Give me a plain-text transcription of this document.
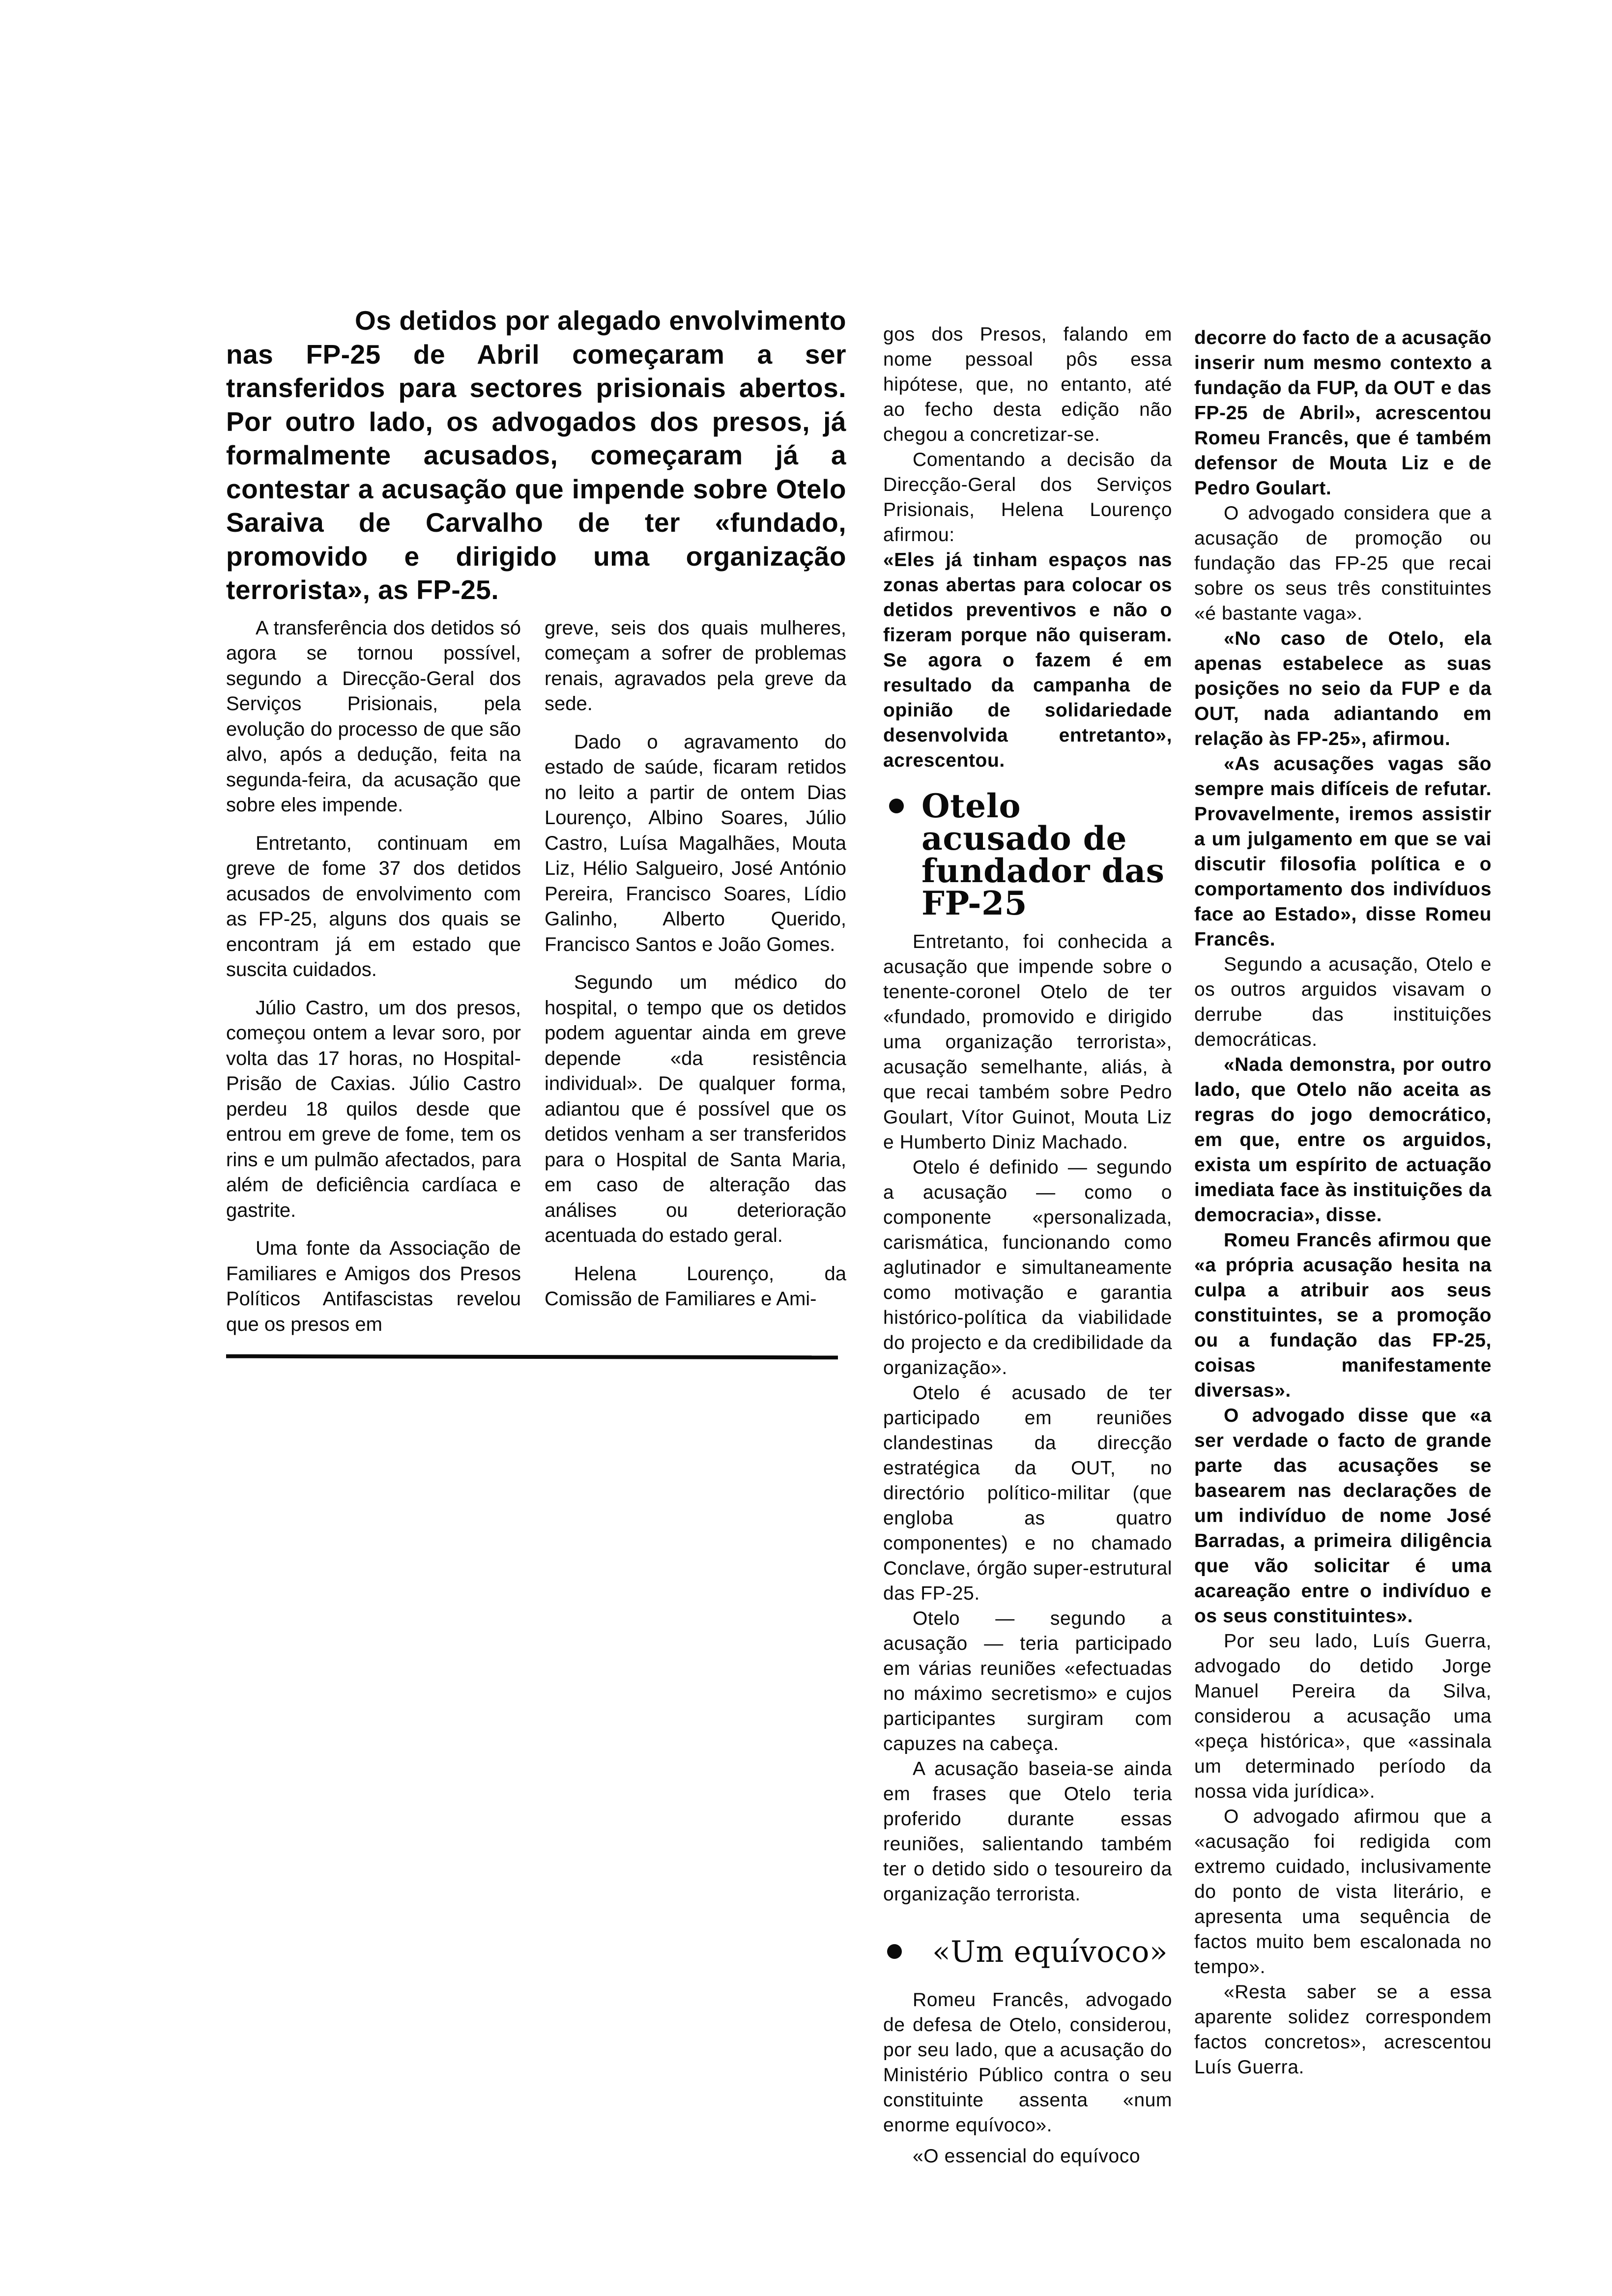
Os detidos por alegado envolvimento nas FP-25 de Abril começaram a ser transferidos para sectores prisionais abertos. Por outro lado, os advogados dos presos, já formalmente acusados, começaram já a contestar a acusação que impende sobre Otelo Saraiva de Carvalho de ter «fundado, promovido e dirigido uma organização terrorista», as FP-25.

A transferência dos detidos só agora se tornou possível, segundo a Direcção-Geral dos Serviços Prisionais, pela evolução do processo de que são alvo, após a dedução, feita na segunda-feira, da acusação que sobre eles impende.

Entretanto, continuam em greve de fome 37 dos detidos acusados de envolvimento com as FP-25, alguns dos quais se encontram já em estado que suscita cuidados.

Júlio Castro, um dos presos, começou ontem a levar soro, por volta das 17 horas, no Hospital-Prisão de Caxias. Júlio Castro perdeu 18 quilos desde que entrou em greve de fome, tem os rins e um pulmão afectados, para além de deficiência cardíaca e gastrite.

Uma fonte da Associação de Familiares e Amigos dos Presos Políticos Antifascistas revelou que os presos em

greve, seis dos quais mulheres, começam a sofrer de problemas renais, agravados pela greve da sede.

Dado o agravamento do estado de saúde, ficaram retidos no leito a partir de ontem Dias Lourenço, Albino Soares, Júlio Castro, Luísa Magalhães, Mouta Liz, Hélio Salgueiro, José António Pereira, Francisco Soares, Lídio Galinho, Alberto Querido, Francisco Santos e João Gomes.

Segundo um médico do hospital, o tempo que os detidos podem aguentar ainda em greve depende «da resistência individual». De qualquer forma, adiantou que é possível que os detidos venham a ser transferidos para o Hospital de Santa Maria, em caso de alteração das análises ou deterioração acentuada do estado geral.

Helena Lourenço, da Comissão de Familiares e Ami-

gos dos Presos, falando em nome pessoal pôs essa hipótese, que, no entanto, até ao fecho desta edição não chegou a concretizar-se.

Comentando a decisão da Direcção-Geral dos Serviços Prisionais, Helena Lourenço afirmou:

«Eles já tinham espaços nas zonas abertas para colocar os detidos preventivos e não o fizeram porque não quiseram. Se agora o fazem é em resultado da campanha de opinião de solidariedade desenvolvida entretanto», acrescentou.

Otelo acusado de fundador das FP-25

Entretanto, foi conhecida a acusação que impende sobre o tenente-coronel Otelo de ter «fundado, promovido e dirigido uma organização terrorista», acusação semelhante, aliás, à que recai também sobre Pedro Goulart, Vítor Guinot, Mouta Liz e Humberto Diniz Machado.

Otelo é definido — segundo a acusação — como o componente «personalizada, carismática, funcionando como aglutinador e simultaneamente como motivação e garantia histórico-política da viabilidade do projecto e da credibilidade da organização».

Otelo é acusado de ter participado em reuniões clandestinas da direcção estratégica da OUT, no directório político-militar (que engloba as quatro componentes) e no chamado Conclave, órgão super-estrutural das FP-25.

Otelo — segundo a acusação — teria participado em várias reuniões «efectuadas no máximo secretismo» e cujos participantes surgiram com capuzes na cabeça.

A acusação baseia-se ainda em frases que Otelo teria proferido durante essas reuniões, salientando também ter o detido sido o tesoureiro da organização terrorista.

«Um equívoco»

Romeu Francês, advogado de defesa de Otelo, considerou, por seu lado, que a acusação do Ministério Público contra o seu constituinte assenta «num enorme equívoco».

«O essencial do equívoco

decorre do facto de a acusação inserir num mesmo contexto a fundação da FUP, da OUT e das FP-25 de Abril», acrescentou Romeu Francês, que é também defensor de Mouta Liz e de Pedro Goulart.

O advogado considera que a acusação de promoção ou fundação das FP-25 que recai sobre os seus três constituintes «é bastante vaga».

«No caso de Otelo, ela apenas estabelece as suas posições no seio da FUP e da OUT, nada adiantando em relação às FP-25», afirmou.

«As acusações vagas são sempre mais difíceis de refutar. Provavelmente, iremos assistir a um julgamento em que se vai discutir filosofia política e o comportamento dos indivíduos face ao Estado», disse Romeu Francês.

Segundo a acusação, Otelo e os outros arguidos visavam o derrube das instituições democráticas.

«Nada demonstra, por outro lado, que Otelo não aceita as regras do jogo democrático, em que, entre os arguidos, exista um espírito de actuação imediata face às instituições da democracia», disse.

Romeu Francês afirmou que «a própria acusação hesita na culpa a atribuir aos seus constituintes, se a promoção ou a fundação das FP-25, coisas manifestamente diversas».

O advogado disse que «a ser verdade o facto de grande parte das acusações se basearem nas declarações de um indivíduo de nome José Barradas, a primeira diligência que vão solicitar é uma acareação entre o indivíduo e os seus constituintes».

Por seu lado, Luís Guerra, advogado do detido Jorge Manuel Pereira da Silva, considerou a acusação uma «peça histórica», que «assinala um determinado período da nossa vida jurídica».

O advogado afirmou que a «acusação foi redigida com extremo cuidado, inclusivamente do ponto de vista literário, e apresenta uma sequência de factos muito bem escalonada no tempo».

«Resta saber se a essa aparente solidez correspondem factos concretos», acrescentou Luís Guerra.
